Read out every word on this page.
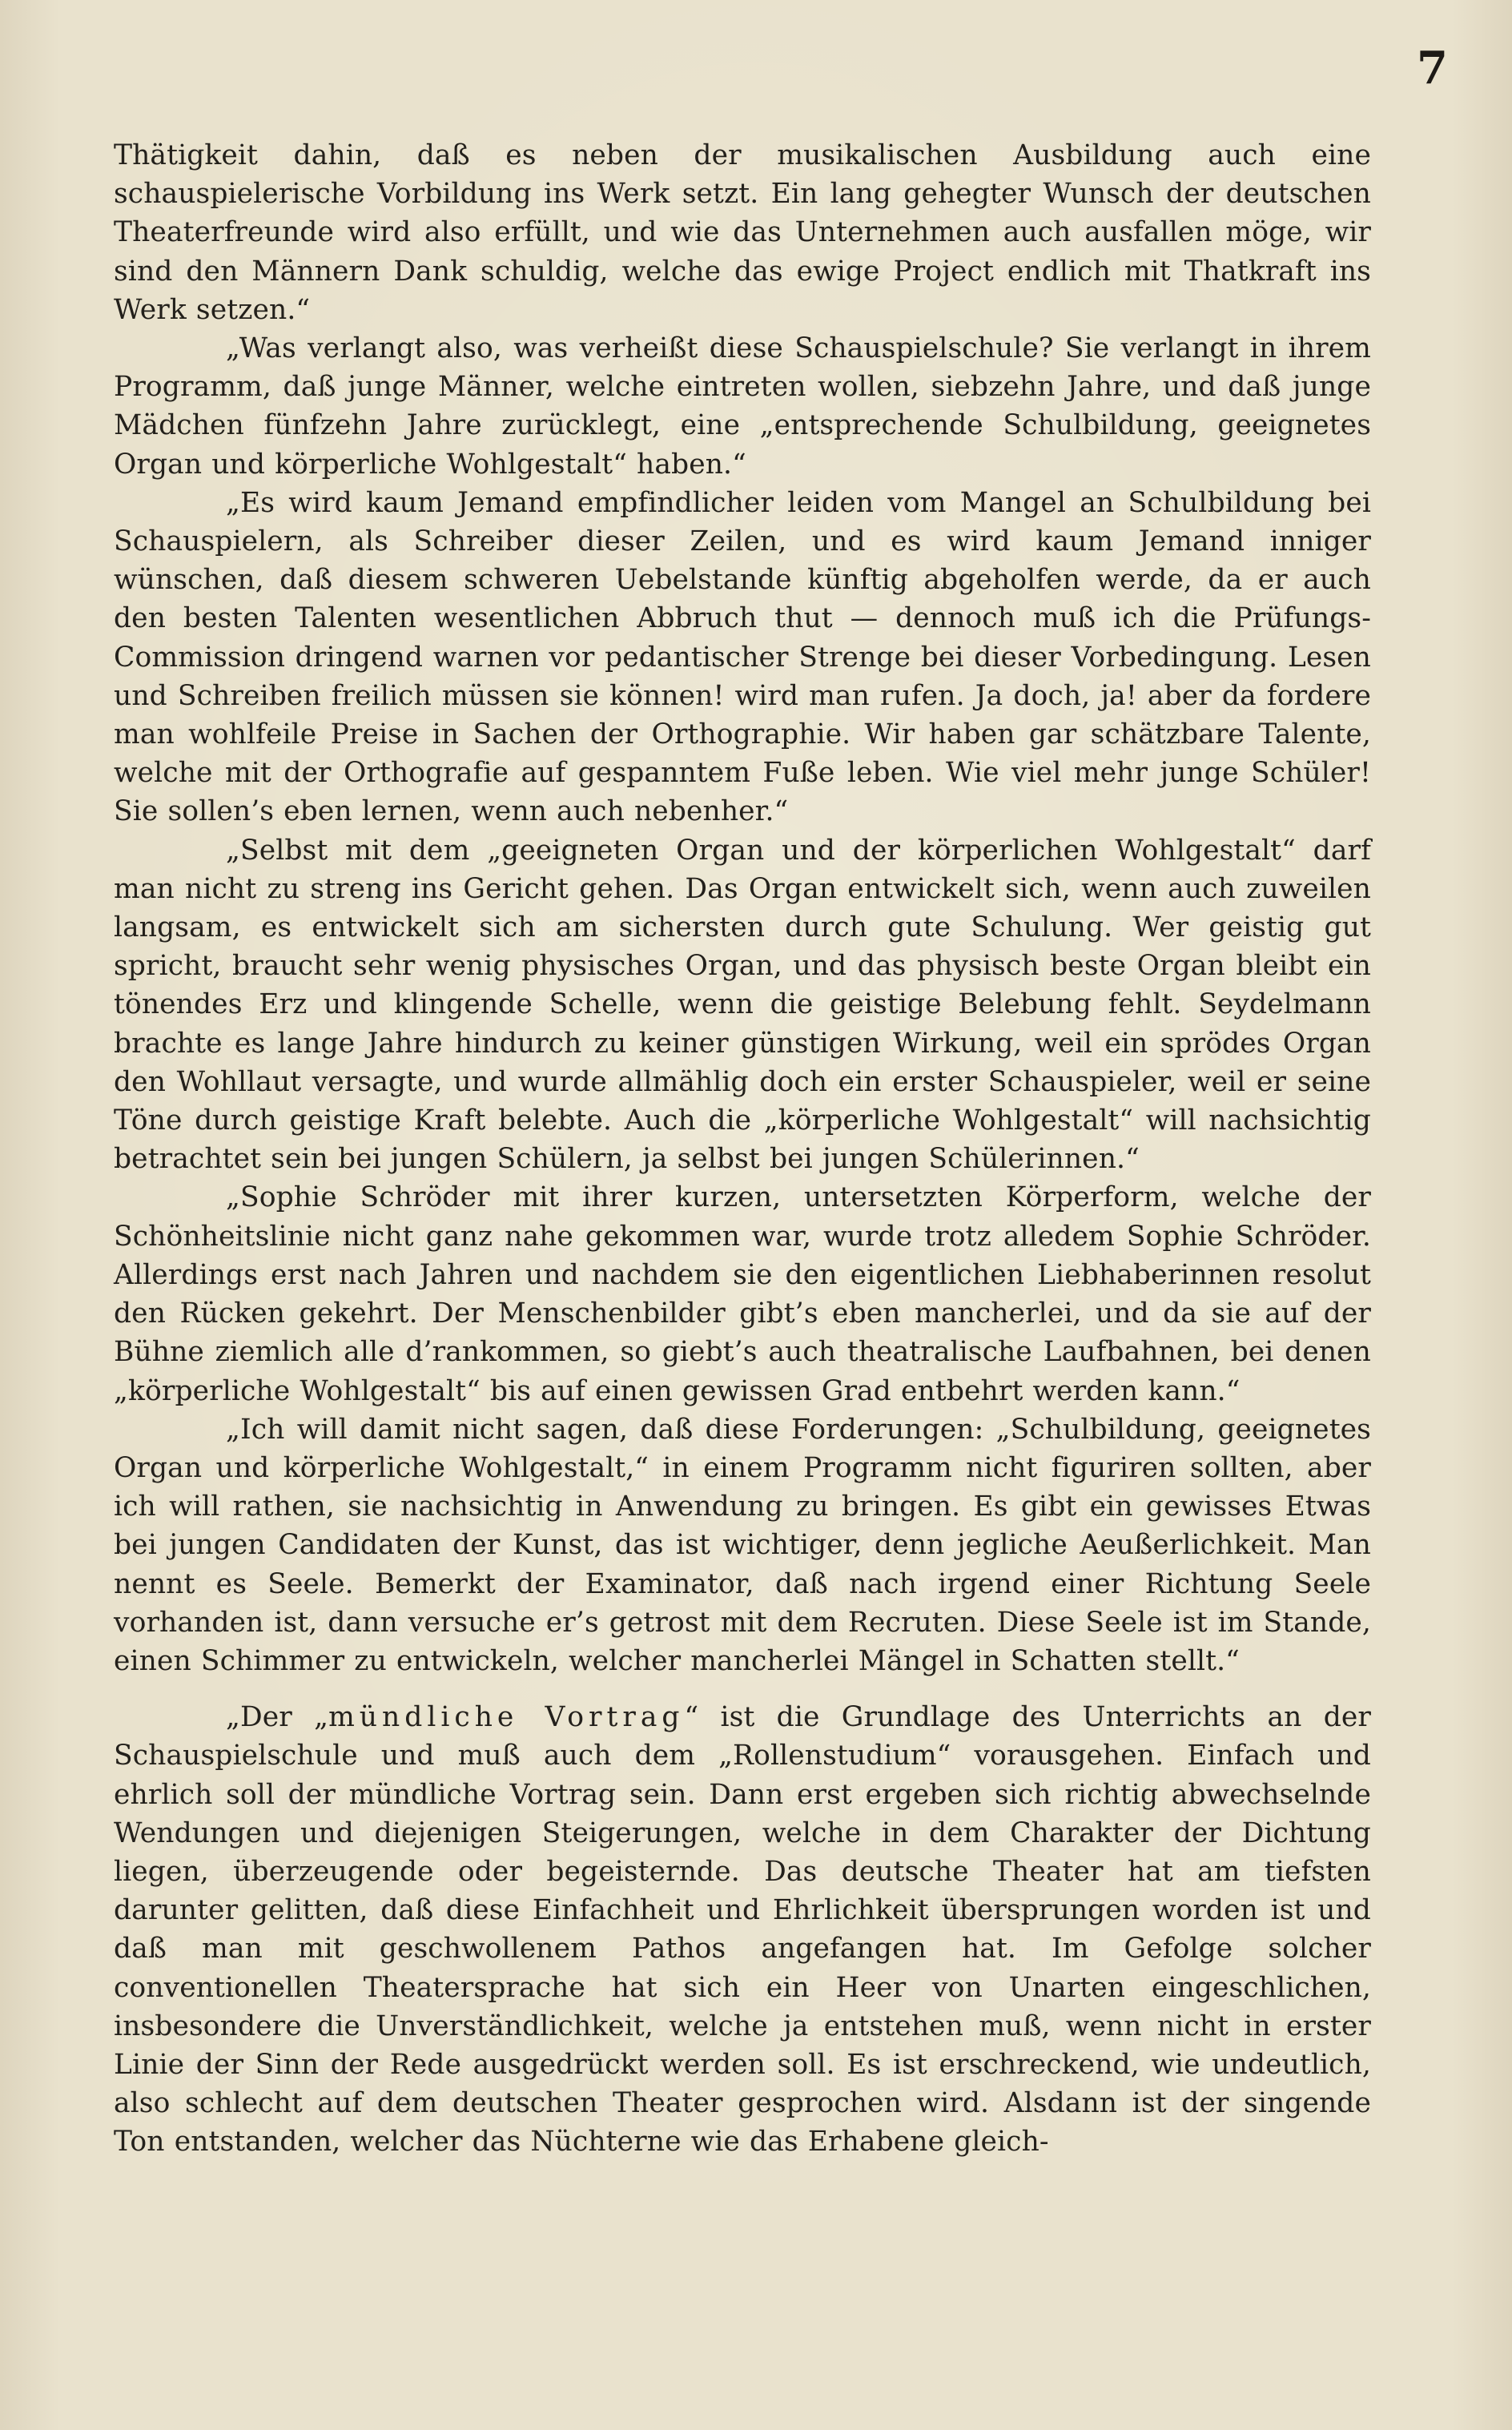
7

Thätigkeit dahin, daß es neben der musikalischen Ausbildung auch eine schauspielerische Vorbildung ins Werk setzt. Ein lang gehegter Wunsch der deutschen Theaterfreunde wird also erfüllt, und wie das Unternehmen auch ausfallen möge, wir sind den Männern Dank schuldig, welche das ewige Project endlich mit Thatkraft ins Werk setzen.“

„Was verlangt also, was verheißt diese Schauspielschule? Sie verlangt in ihrem Programm, daß junge Männer, welche eintreten wollen, siebzehn Jahre, und daß junge Mädchen fünfzehn Jahre zurücklegt, eine „entsprechende Schulbildung, geeignetes Organ und körperliche Wohlgestalt“ haben.“

„Es wird kaum Jemand empfindlicher leiden vom Mangel an Schulbildung bei Schauspielern, als Schreiber dieser Zeilen, und es wird kaum Jemand inniger wünschen, daß diesem schweren Uebelstande künftig abgeholfen werde, da er auch den besten Talenten wesentlichen Abbruch thut — dennoch muß ich die Prüfungs-Commission dringend warnen vor pedantischer Strenge bei dieser Vorbedingung. Lesen und Schreiben freilich müssen sie können! wird man rufen. Ja doch, ja! aber da fordere man wohlfeile Preise in Sachen der Orthographie. Wir haben gar schätzbare Talente, welche mit der Orthografie auf gespanntem Fuße leben. Wie viel mehr junge Schüler! Sie sollen’s eben lernen, wenn auch nebenher.“

„Selbst mit dem „geeigneten Organ und der körperlichen Wohlgestalt“ darf man nicht zu streng ins Gericht gehen. Das Organ entwickelt sich, wenn auch zuweilen langsam, es entwickelt sich am sichersten durch gute Schulung. Wer geistig gut spricht, braucht sehr wenig physisches Organ, und das physisch beste Organ bleibt ein tönendes Erz und klingende Schelle, wenn die geistige Belebung fehlt. Seydelmann brachte es lange Jahre hindurch zu keiner günstigen Wirkung, weil ein sprödes Organ den Wohllaut versagte, und wurde allmählig doch ein erster Schauspieler, weil er seine Töne durch geistige Kraft belebte. Auch die „körperliche Wohlgestalt“ will nachsichtig betrachtet sein bei jungen Schülern, ja selbst bei jungen Schülerinnen.“

„Sophie Schröder mit ihrer kurzen, untersetzten Körperform, welche der Schönheitslinie nicht ganz nahe gekommen war, wurde trotz alledem Sophie Schröder. Allerdings erst nach Jahren und nachdem sie den eigentlichen Liebhaberinnen resolut den Rücken gekehrt. Der Menschenbilder gibt’s eben mancherlei, und da sie auf der Bühne ziemlich alle d’rankommen, so giebt’s auch theatralische Laufbahnen, bei denen „körperliche Wohlgestalt“ bis auf einen gewissen Grad entbehrt werden kann.“

„Ich will damit nicht sagen, daß diese Forderungen: „Schulbildung, geeignetes Organ und körperliche Wohlgestalt,“ in einem Programm nicht figuriren sollten, aber ich will rathen, sie nachsichtig in Anwendung zu bringen. Es gibt ein gewisses Etwas bei jungen Candidaten der Kunst, das ist wichtiger, denn jegliche Aeußerlichkeit. Man nennt es Seele. Bemerkt der Examinator, daß nach irgend einer Richtung Seele vorhanden ist, dann versuche er’s getrost mit dem Recruten. Diese Seele ist im Stande, einen Schimmer zu entwickeln, welcher mancherlei Mängel in Schatten stellt.“

„Der „mündliche Vortrag“ ist die Grundlage des Unterrichts an der Schauspielschule und muß auch dem „Rollenstudium“ vorausgehen. Einfach und ehrlich soll der mündliche Vortrag sein. Dann erst ergeben sich richtig abwechselnde Wendungen und diejenigen Steigerungen, welche in dem Charakter der Dichtung liegen, überzeugende oder begeisternde. Das deutsche Theater hat am tiefsten darunter gelitten, daß diese Einfachheit und Ehrlichkeit übersprungen worden ist und daß man mit geschwollenem Pathos angefangen hat. Im Gefolge solcher conventionellen Theatersprache hat sich ein Heer von Unarten eingeschlichen, insbesondere die Unverständlichkeit, welche ja entstehen muß, wenn nicht in erster Linie der Sinn der Rede ausgedrückt werden soll. Es ist erschreckend, wie undeutlich, also schlecht auf dem deutschen Theater gesprochen wird. Alsdann ist der singende Ton entstanden, welcher das Nüchterne wie das Erhabene gleich-
